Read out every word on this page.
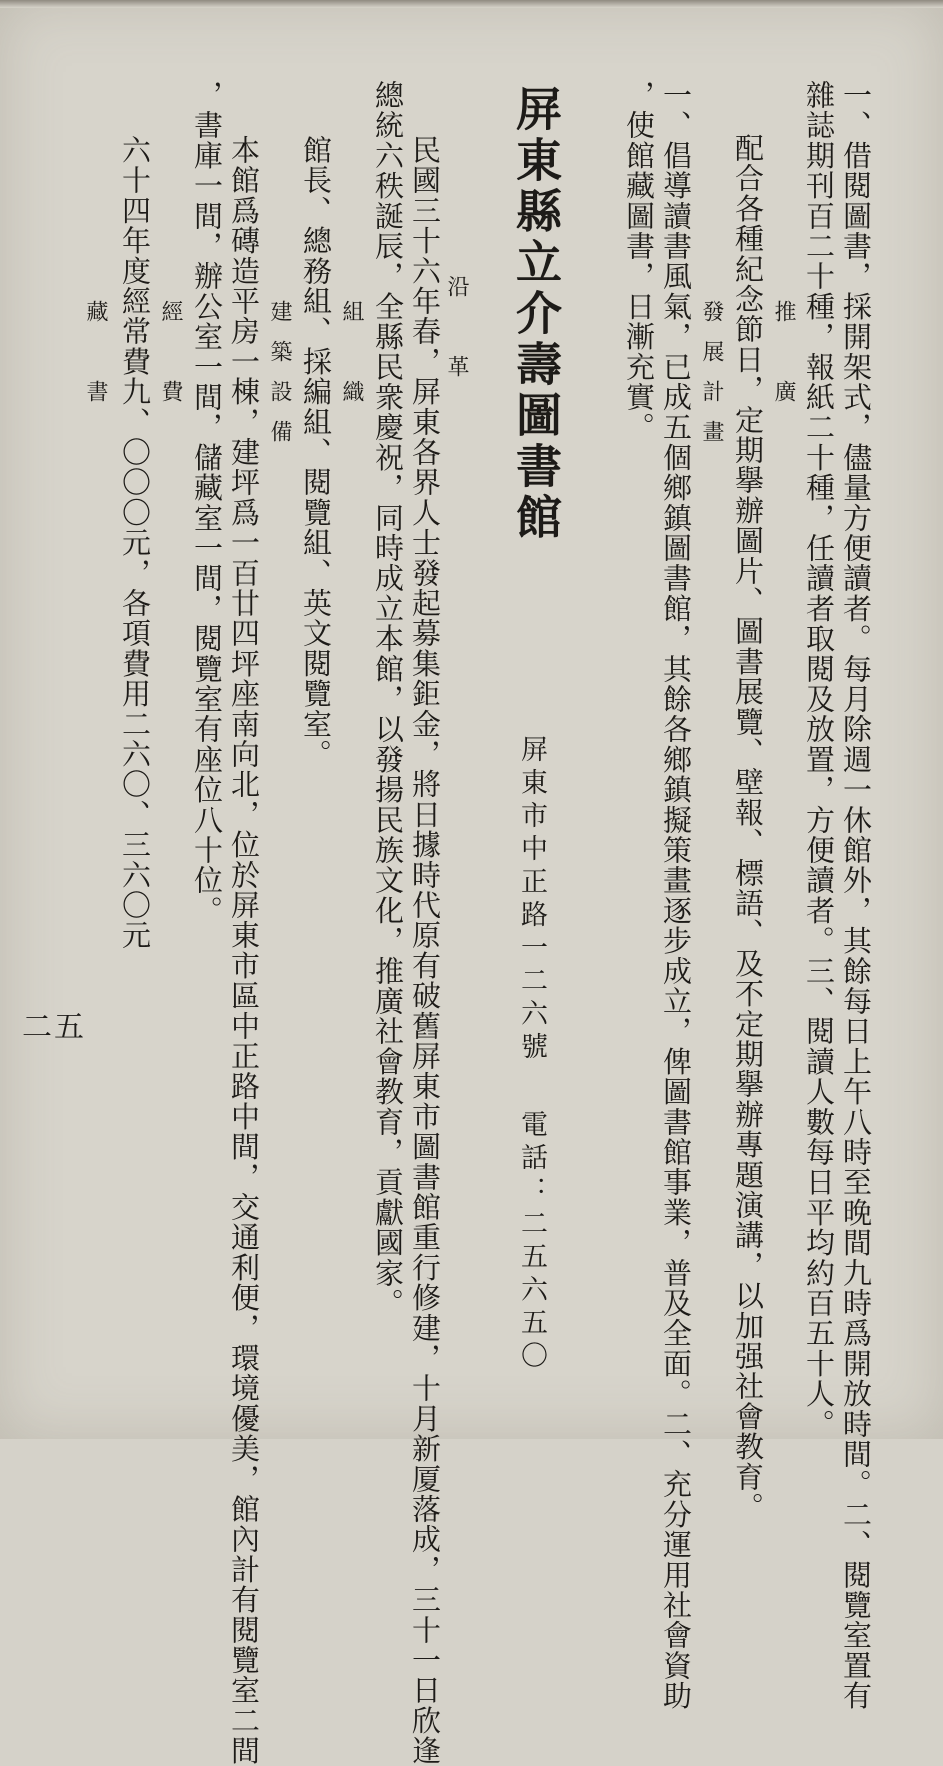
一、借閱圖書，採開架式，儘量方便讀者。每月除週一休館外，其餘每日上午八時至晚間九時爲開放時間。二、閱覽室置有
雜誌期刊百二十種，報紙二十種，任讀者取閱及放置，方便讀者。三、閱讀人數每日平均約百五十人。
推　廣
配合各種紀念節日，定期擧辦圖片、圖書展覽、壁報、標語、及不定期擧辦專題演講，以加强社會教育。
發展計畫
一、倡導讀書風氣，已成五個鄉鎮圖書館，其餘各鄉鎮擬策畫逐步成立，俾圖書館事業，普及全面。二、充分運用社會資助
，使館藏圖書，日漸充實。
屏東縣立介壽圖書館
屏東市中正路一二六號
電話：二五六五〇
沿　革
民國三十六年春，屏東各界人士發起募集鉅金，將日據時代原有破舊屏東市圖書館重行修建，十月新厦落成，三十一日欣逢
總統六秩誕辰，全縣民衆慶祝，同時成立本館，以發揚民族文化，推廣社會教育，貢獻國家。
組　織
館長、總務組、採編組、閱覽組、英文閱覽室。
建築設備
本館爲磚造平房一棟，建坪爲一百廿四坪座南向北，位於屏東市區中正路中間，交通利便，環境優美，館內計有閱覽室二間
，書庫一間，辦公室一間，儲藏室一間，閱覽室有座位八十位。
經　費
六十四年度經常費九、〇〇〇元，各項費用二六〇、三六〇元
藏　書
二五
